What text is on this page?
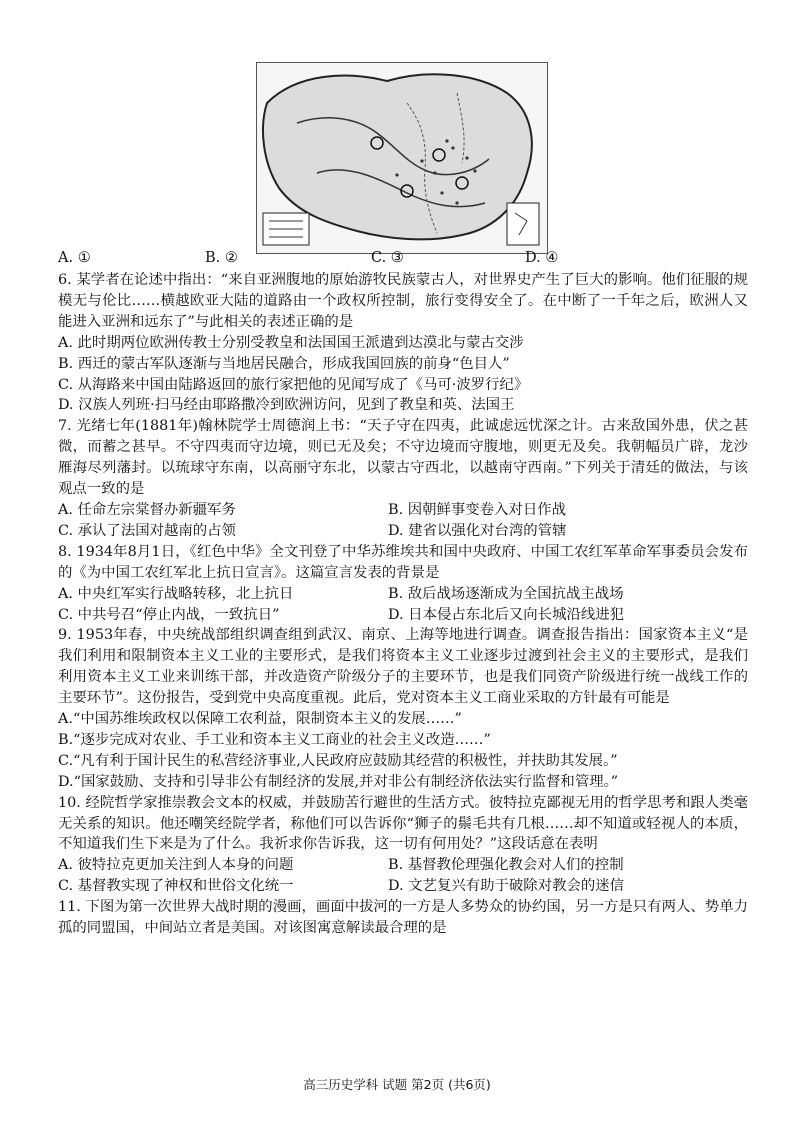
A. ①	B. ②	C. ③	D. ④

6. 某学者在论述中指出：“来自亚洲腹地的原始游牧民族蒙古人，对世界史产生了巨大的影响。他们征服的规模无与伦比……横越欧亚大陆的道路由一个政权所控制，旅行变得安全了。在中断了一千年之后，欧洲人又能进入亚洲和远东了”与此相关的表述正确的是

A. 此时期两位欧洲传教士分别受教皇和法国国王派遣到达漠北与蒙古交涉

B. 西迁的蒙古军队逐渐与当地居民融合，形成我国回族的前身“色目人”

C. 从海路来中国由陆路返回的旅行家把他的见闻写成了《马可·波罗行纪》

D. 汉族人列班·扫马经由耶路撒冷到欧洲访问，见到了教皇和英、法国王

7. 光绪七年(1881年)翰林院学士周德润上书：“天子守在四夷，此诚虑远忧深之计。古来敌国外患，伏之甚微，而蓄之甚早。不守四夷而守边境，则已无及矣；不守边境而守腹地，则更无及矣。我朝幅员广辟，龙沙雁海尽列藩封。以琉球守东南，以高丽守东北，以蒙古守西北，以越南守西南。”下列关于清廷的做法，与该观点一致的是

A. 任命左宗棠督办新疆军务	B. 因朝鲜事变卷入对日作战
C. 承认了法国对越南的占领	D. 建省以强化对台湾的管辖

8. 1934年8月1日，《红色中华》全文刊登了中华苏维埃共和国中央政府、中国工农红军革命军事委员会发布的《为中国工农红军北上抗日宣言》。这篇宣言发表的背景是

A. 中央红军实行战略转移，北上抗日	B. 敌后战场逐渐成为全国抗战主战场
C. 中共号召“停止内战，一致抗日”	D. 日本侵占东北后又向长城沿线进犯

9. 1953年春，中央统战部组织调查组到武汉、南京、上海等地进行调查。调查报告指出：国家资本主义“是我们利用和限制资本主义工业的主要形式，是我们将资本主义工业逐步过渡到社会主义的主要形式，是我们利用资本主义工业来训练干部，并改造资产阶级分子的主要环节，也是我们同资产阶级进行统一战线工作的主要环节”。这份报告，受到党中央高度重视。此后，党对资本主义工商业采取的方针最有可能是

A.“中国苏维埃政权以保障工农利益，限制资本主义的发展……”

B.“逐步完成对农业、手工业和资本主义工商业的社会主义改造……”

C.“凡有利于国计民生的私营经济事业,人民政府应鼓励其经营的积极性，并扶助其发展。”

D.“国家鼓励、支持和引导非公有制经济的发展,并对非公有制经济依法实行监督和管理。”

10. 经院哲学家推崇教会文本的权威，并鼓励苦行避世的生活方式。彼特拉克鄙视无用的哲学思考和跟人类毫无关系的知识。他还嘲笑经院学者，称他们可以告诉你“狮子的鬃毛共有几根……却不知道或轻视人的本质，不知道我们生下来是为了什么。我祈求你告诉我，这一切有何用处？”这段话意在表明

A. 彼特拉克更加关注到人本身的问题	B. 基督教伦理强化教会对人们的控制
C. 基督教实现了神权和世俗文化统一	D. 文艺复兴有助于破除对教会的迷信

11. 下图为第一次世界大战时期的漫画，画面中拔河的一方是人多势众的协约国，另一方是只有两人、势单力孤的同盟国，中间站立者是美国。对该图寓意解读最合理的是

高三历史学科 试题 第2页 (共6页)
